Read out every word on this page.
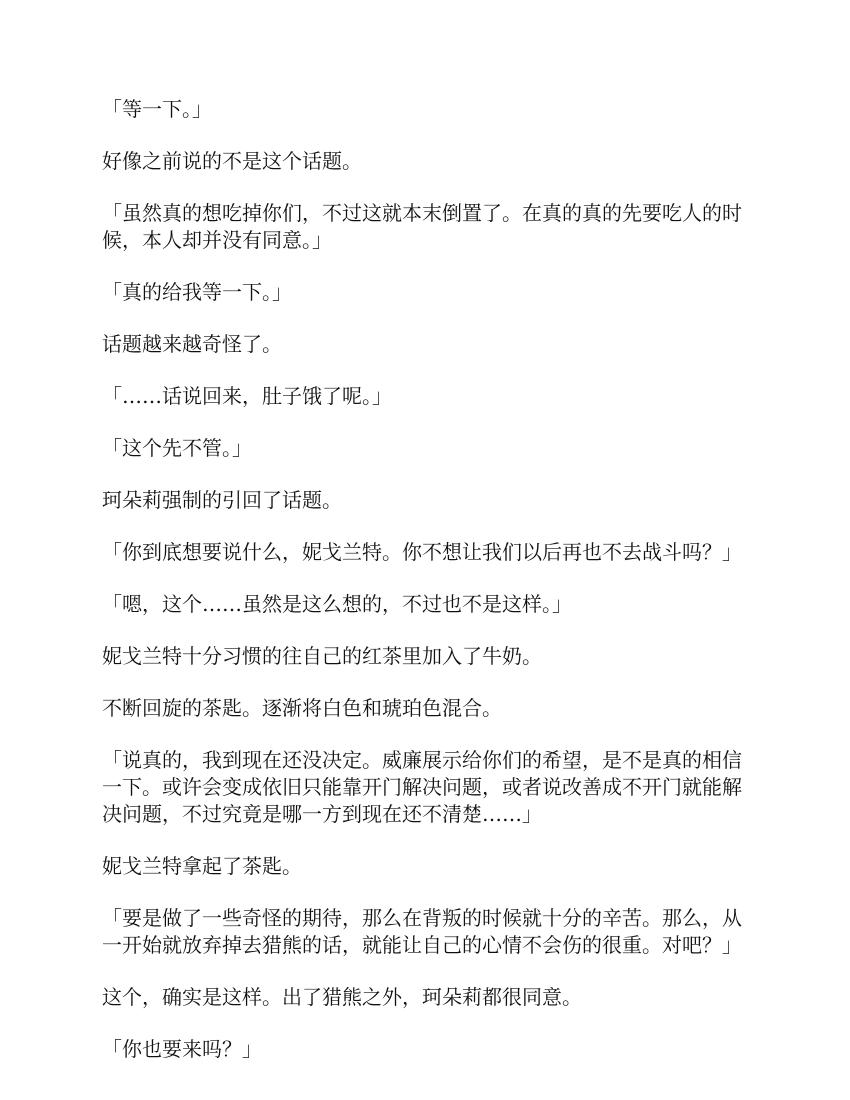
「等一下。」

好像之前说的不是这个话题。

「虽然真的想吃掉你们，不过这就本末倒置了。在真的真的先要吃人的时候，本人却并没有同意。」

「真的给我等一下。」

话题越来越奇怪了。

「……话说回来，肚子饿了呢。」

「这个先不管。」

珂朵莉强制的引回了话题。

「你到底想要说什么，妮戈兰特。你不想让我们以后再也不去战斗吗？」

「嗯，这个……虽然是这么想的，不过也不是这样。」

妮戈兰特十分习惯的往自己的红茶里加入了牛奶。

不断回旋的茶匙。逐渐将白色和琥珀色混合。

「说真的，我到现在还没决定。威廉展示给你们的希望，是不是真的相信一下。或许会变成依旧只能靠开门解决问题，或者说改善成不开门就能解决问题，不过究竟是哪一方到现在还不清楚……」

妮戈兰特拿起了茶匙。

「要是做了一些奇怪的期待，那么在背叛的时候就十分的辛苦。那么，从一开始就放弃掉去猎熊的话，就能让自己的心情不会伤的很重。对吧？」

这个，确实是这样。出了猎熊之外，珂朵莉都很同意。

「你也要来吗？」
